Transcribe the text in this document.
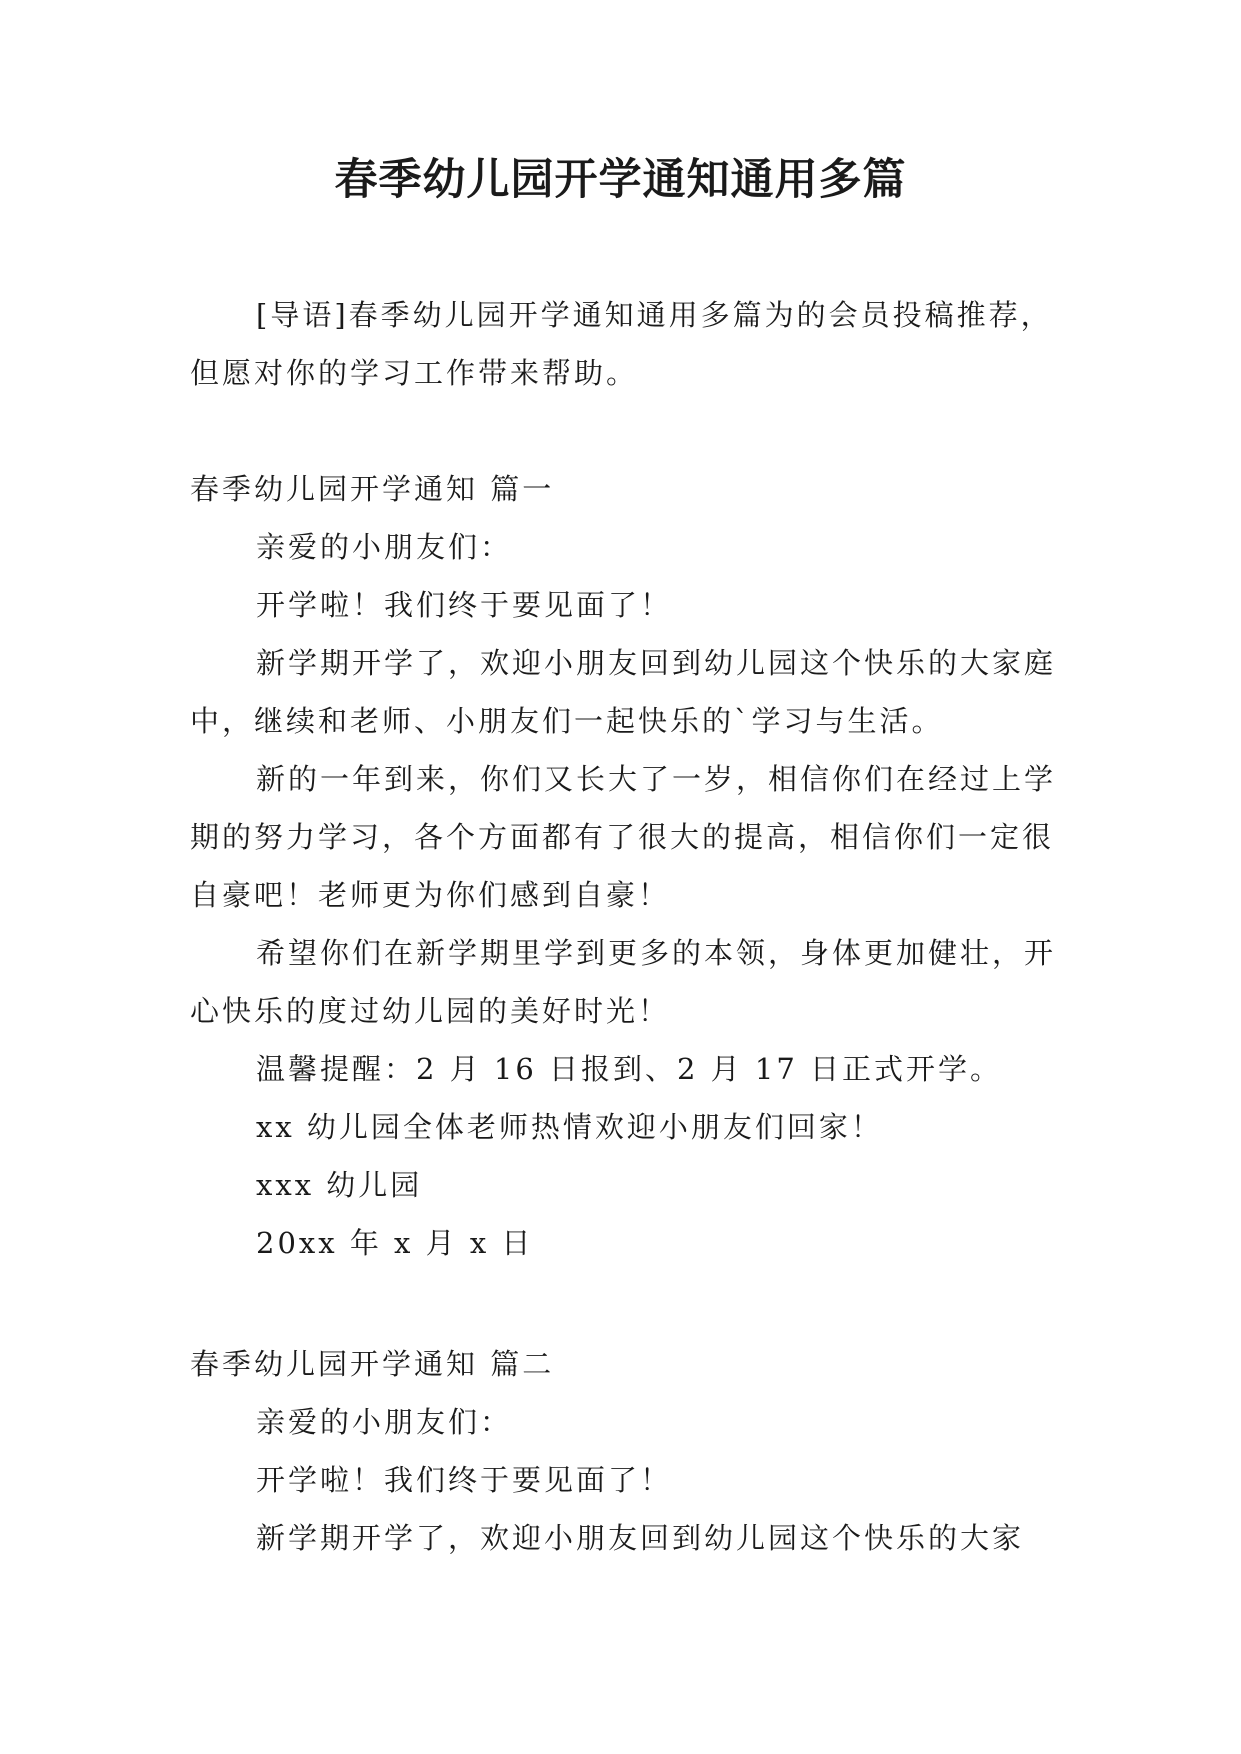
春季幼儿园开学通知通用多篇

[导语]春季幼儿园开学通知通用多篇为的会员投稿推荐，但愿对你的学习工作带来帮助。

春季幼儿园开学通知 篇一

亲爱的小朋友们：

开学啦！我们终于要见面了！

新学期开学了，欢迎小朋友回到幼儿园这个快乐的大家庭中，继续和老师、小朋友们一起快乐的`学习与生活。

新的一年到来，你们又长大了一岁，相信你们在经过上学期的努力学习，各个方面都有了很大的提高，相信你们一定很自豪吧！老师更为你们感到自豪！

希望你们在新学期里学到更多的本领，身体更加健壮，开心快乐的度过幼儿园的美好时光！

温馨提醒：2 月 16 日报到、2 月 17 日正式开学。

xx 幼儿园全体老师热情欢迎小朋友们回家！

xxx 幼儿园

20xx 年 x 月 x 日

春季幼儿园开学通知 篇二

亲爱的小朋友们：

开学啦！我们终于要见面了！

新学期开学了，欢迎小朋友回到幼儿园这个快乐的大家
